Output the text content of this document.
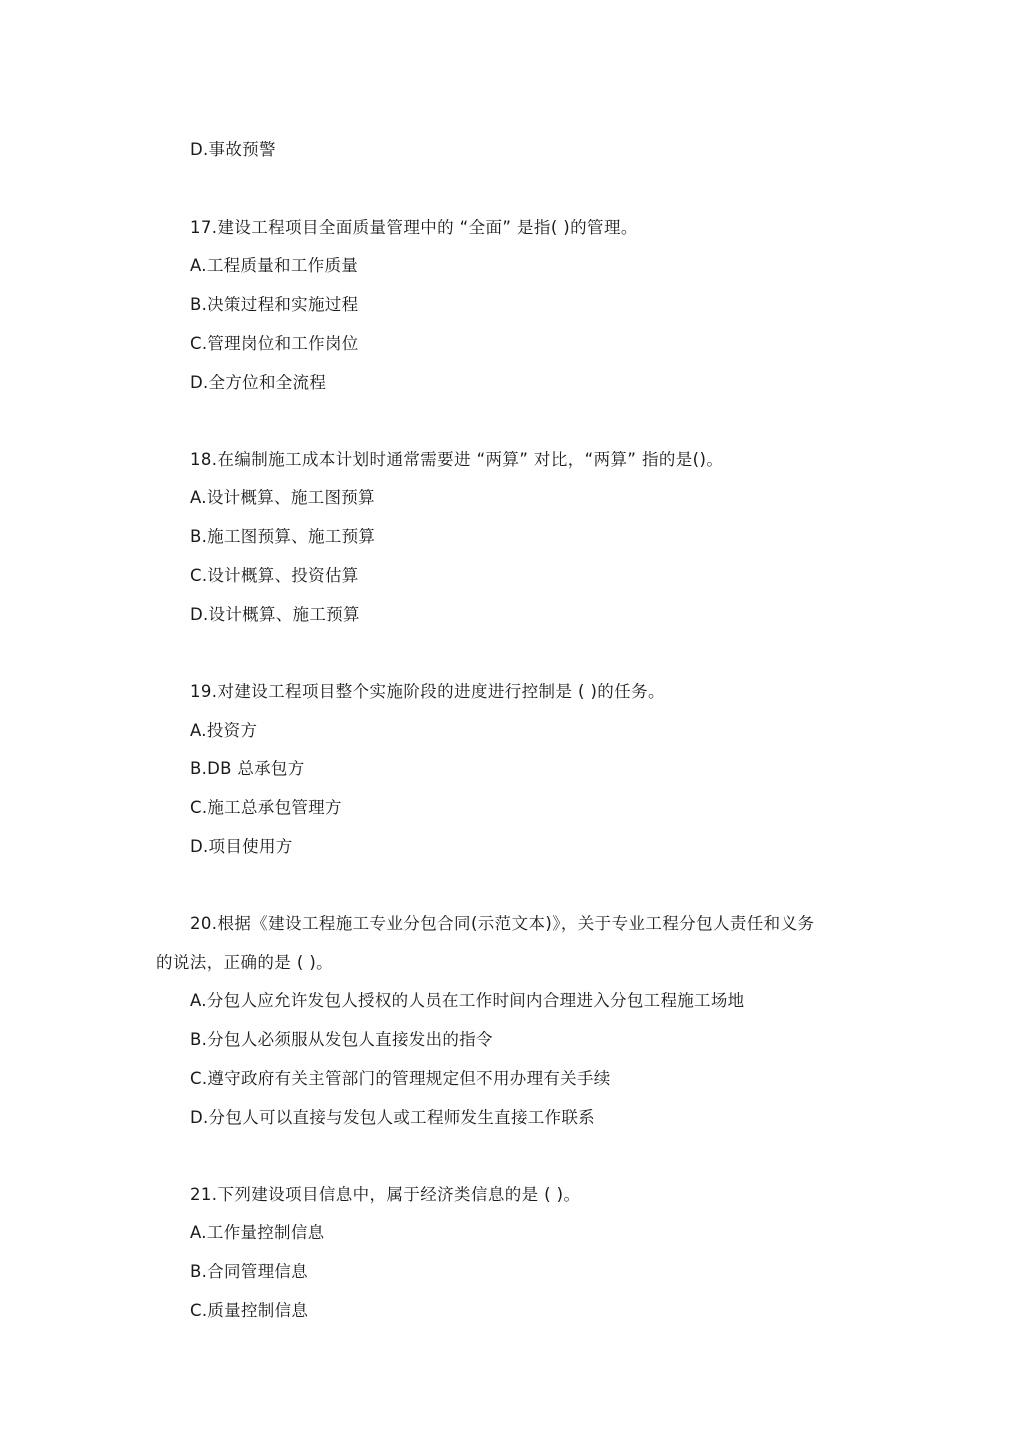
D.事故预警
17.建设工程项目全面质量管理中的 “全面” 是指( )的管理。
A.工程质量和工作质量
B.决策过程和实施过程
C.管理岗位和工作岗位
D.全方位和全流程
18.在编制施工成本计划时通常需要进 “两算” 对比，“两算” 指的是()。
A.设计概算、施工图预算
B.施工图预算、施工预算
C.设计概算、投资估算
D.设计概算、施工预算
19.对建设工程项目整个实施阶段的进度进行控制是 ( )的任务。
A.投资方
B.DB 总承包方
C.施工总承包管理方
D.项目使用方
20.根据《建设工程施工专业分包合同(示范文本)》，关于专业工程分包人责任和义务
的说法，正确的是 ( )。
A.分包人应允许发包人授权的人员在工作时间内合理进入分包工程施工场地
B.分包人必须服从发包人直接发出的指令
C.遵守政府有关主管部门的管理规定但不用办理有关手续
D.分包人可以直接与发包人或工程师发生直接工作联系
21.下列建设项目信息中，属于经济类信息的是 ( )。
A.工作量控制信息
B.合同管理信息
C.质量控制信息
